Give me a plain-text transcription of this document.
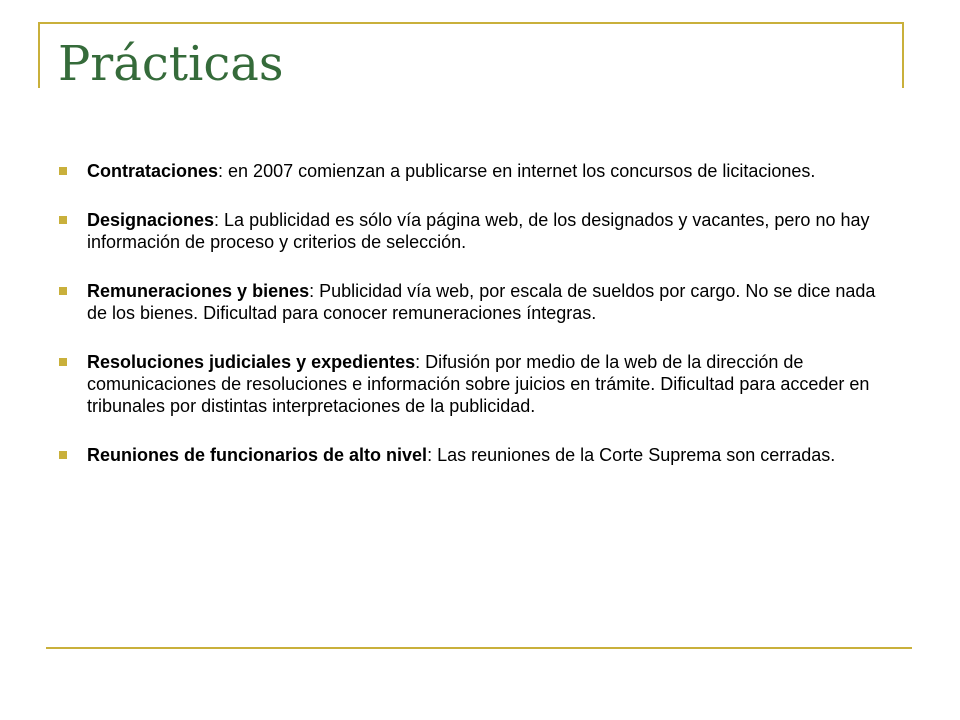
Prácticas
Contrataciones: en 2007 comienzan a publicarse en internet los concursos de licitaciones.
Designaciones: La publicidad es sólo vía página web, de los designados y vacantes, pero no hay información de proceso y criterios de selección.
Remuneraciones y bienes: Publicidad vía web, por escala de sueldos por cargo. No se dice nada de los bienes. Dificultad para conocer remuneraciones íntegras.
Resoluciones judiciales y expedientes: Difusión por medio de la web de la dirección de comunicaciones de resoluciones e información sobre juicios en trámite. Dificultad para acceder en tribunales por distintas interpretaciones de la publicidad.
Reuniones de funcionarios de alto nivel: Las reuniones de la Corte Suprema son cerradas.
